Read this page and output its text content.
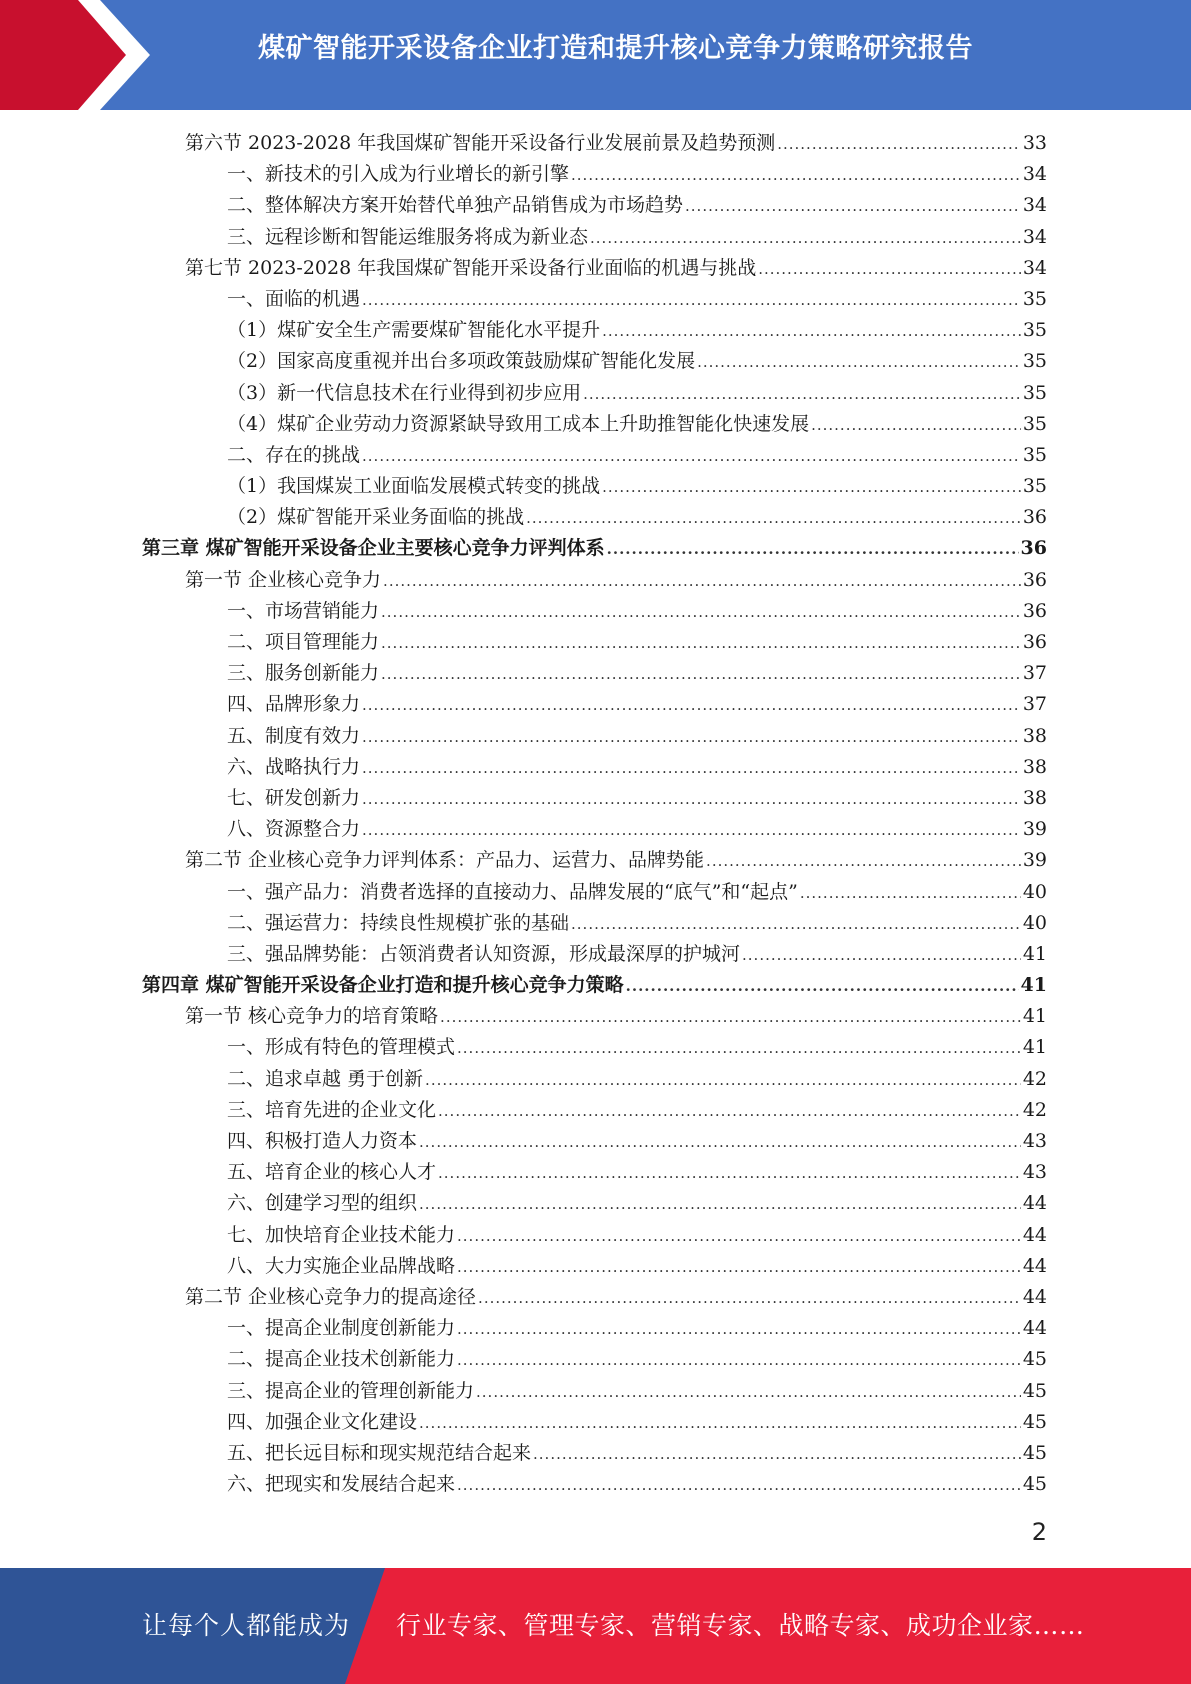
煤矿智能开采设备企业打造和提升核心竞争力策略研究报告
第六节 2023-2028 年我国煤矿智能开采设备行业发展前景及趋势预测 .....	33
一、新技术的引入成为行业增长的新引擎 .....	34
二、整体解决方案开始替代单独产品销售成为市场趋势 .....	34
三、远程诊断和智能运维服务将成为新业态 .....	34
第七节 2023-2028 年我国煤矿智能开采设备行业面临的机遇与挑战 .....	34
一、面临的机遇 .....	35
（1）煤矿安全生产需要煤矿智能化水平提升 .....	35
（2）国家高度重视并出台多项政策鼓励煤矿智能化发展 .....	35
（3）新一代信息技术在行业得到初步应用 .....	35
（4）煤矿企业劳动力资源紧缺导致用工成本上升助推智能化快速发展 .....	35
二、存在的挑战 .....	35
（1）我国煤炭工业面临发展模式转变的挑战 .....	35
（2）煤矿智能开采业务面临的挑战 .....	36
第三章 煤矿智能开采设备企业主要核心竞争力评判体系 .....	36
第一节 企业核心竞争力 .....	36
一、市场营销能力 .....	36
二、项目管理能力 .....	36
三、服务创新能力 .....	37
四、品牌形象力 .....	37
五、制度有效力 .....	38
六、战略执行力 .....	38
七、研发创新力 .....	38
八、资源整合力 .....	39
第二节 企业核心竞争力评判体系：产品力、运营力、品牌势能 .....	39
一、强产品力：消费者选择的直接动力、品牌发展的“底气”和“起点” .....	40
二、强运营力：持续良性规模扩张的基础 .....	40
三、强品牌势能：占领消费者认知资源，形成最深厚的护城河 .....	41
第四章 煤矿智能开采设备企业打造和提升核心竞争力策略 .....	41
第一节 核心竞争力的培育策略 .....	41
一、形成有特色的管理模式 .....	41
二、追求卓越 勇于创新 .....	42
三、培育先进的企业文化 .....	42
四、积极打造人力资本 .....	43
五、培育企业的核心人才 .....	43
六、创建学习型的组织 .....	44
七、加快培育企业技术能力 .....	44
八、大力实施企业品牌战略 .....	44
第二节 企业核心竞争力的提高途径 .....	44
一、提高企业制度创新能力 .....	44
二、提高企业技术创新能力 .....	45
三、提高企业的管理创新能力 .....	45
四、加强企业文化建设 .....	45
五、把长远目标和现实规范结合起来 .....	45
六、把现实和发展结合起来 .....	45
2
让每个人都能成为 行业专家、管理专家、营销专家、战略专家、成功企业家……
